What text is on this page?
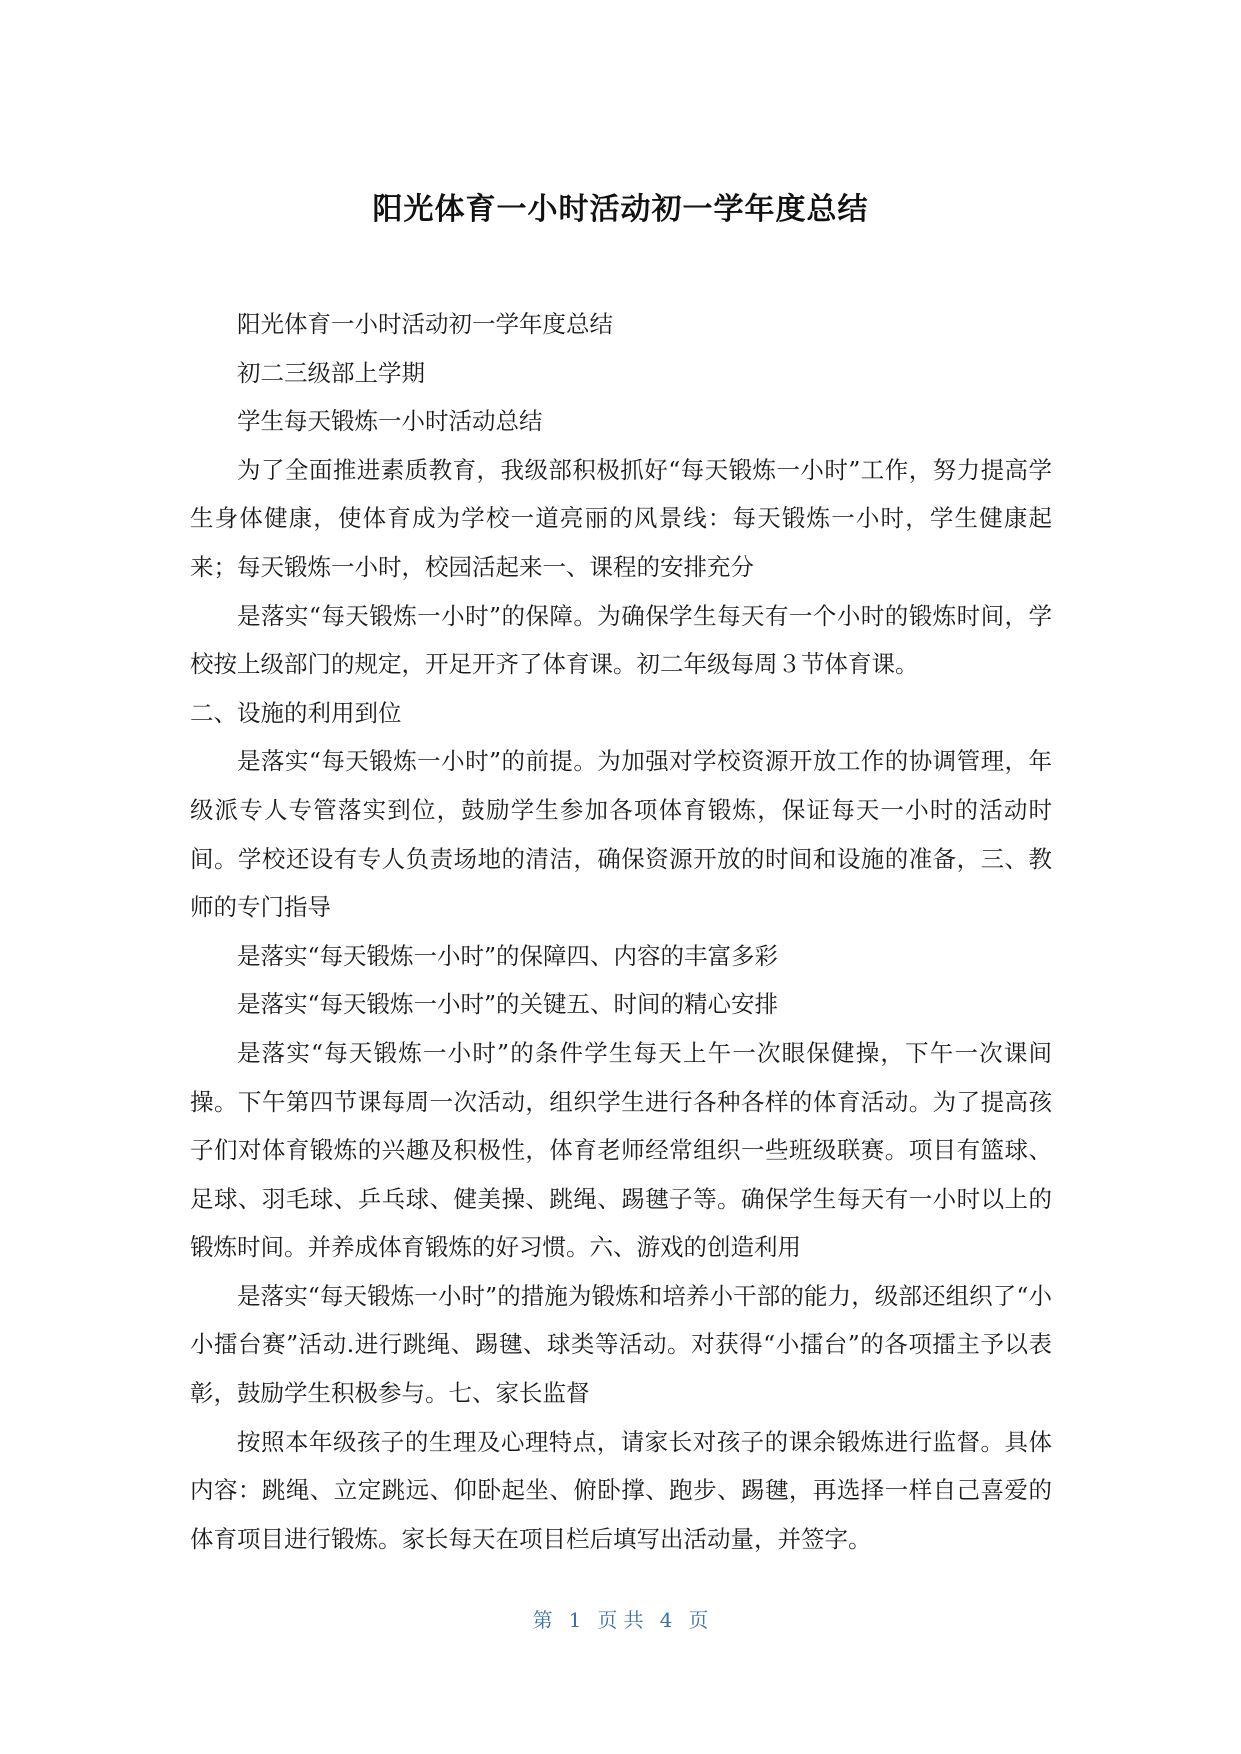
阳光体育一小时活动初一学年度总结

阳光体育一小时活动初一学年度总结

初二三级部上学期

学生每天锻炼一小时活动总结

为了全面推进素质教育，我级部积极抓好“每天锻炼一小时”工作，努力提高学生身体健康，使体育成为学校一道亮丽的风景线：每天锻炼一小时，学生健康起来；每天锻炼一小时，校园活起来一、课程的安排充分

是落实“每天锻炼一小时”的保障。为确保学生每天有一个小时的锻炼时间，学校按上级部门的规定，开足开齐了体育课。初二年级每周３节体育课。

二、设施的利用到位

是落实“每天锻炼一小时”的前提。为加强对学校资源开放工作的协调管理，年级派专人专管落实到位，鼓励学生参加各项体育锻炼，保证每天一小时的活动时间。学校还设有专人负责场地的清洁，确保资源开放的时间和设施的准备，三、教师的专门指导

是落实“每天锻炼一小时”的保障四、内容的丰富多彩

是落实“每天锻炼一小时”的关键五、时间的精心安排

是落实“每天锻炼一小时”的条件学生每天上午一次眼保健操，下午一次课间操。下午第四节课每周一次活动，组织学生进行各种各样的体育活动。为了提高孩子们对体育锻炼的兴趣及积极性，体育老师经常组织一些班级联赛。项目有篮球、足球、羽毛球、乒乓球、健美操、跳绳、踢毽子等。确保学生每天有一小时以上的锻炼时间。并养成体育锻炼的好习惯。六、游戏的创造利用

是落实“每天锻炼一小时”的措施为锻炼和培养小干部的能力，级部还组织了“小小擂台赛”活动.进行跳绳、踢毽、球类等活动。对获得“小擂台”的各项擂主予以表彰，鼓励学生积极参与。七、家长监督

按照本年级孩子的生理及心理特点，请家长对孩子的课余锻炼进行监督。具体内容：跳绳、立定跳远、仰卧起坐、俯卧撑、跑步、踢毽，再选择一样自己喜爱的体育项目进行锻炼。家长每天在项目栏后填写出活动量，并签字。

第 1 页 共 4 页
